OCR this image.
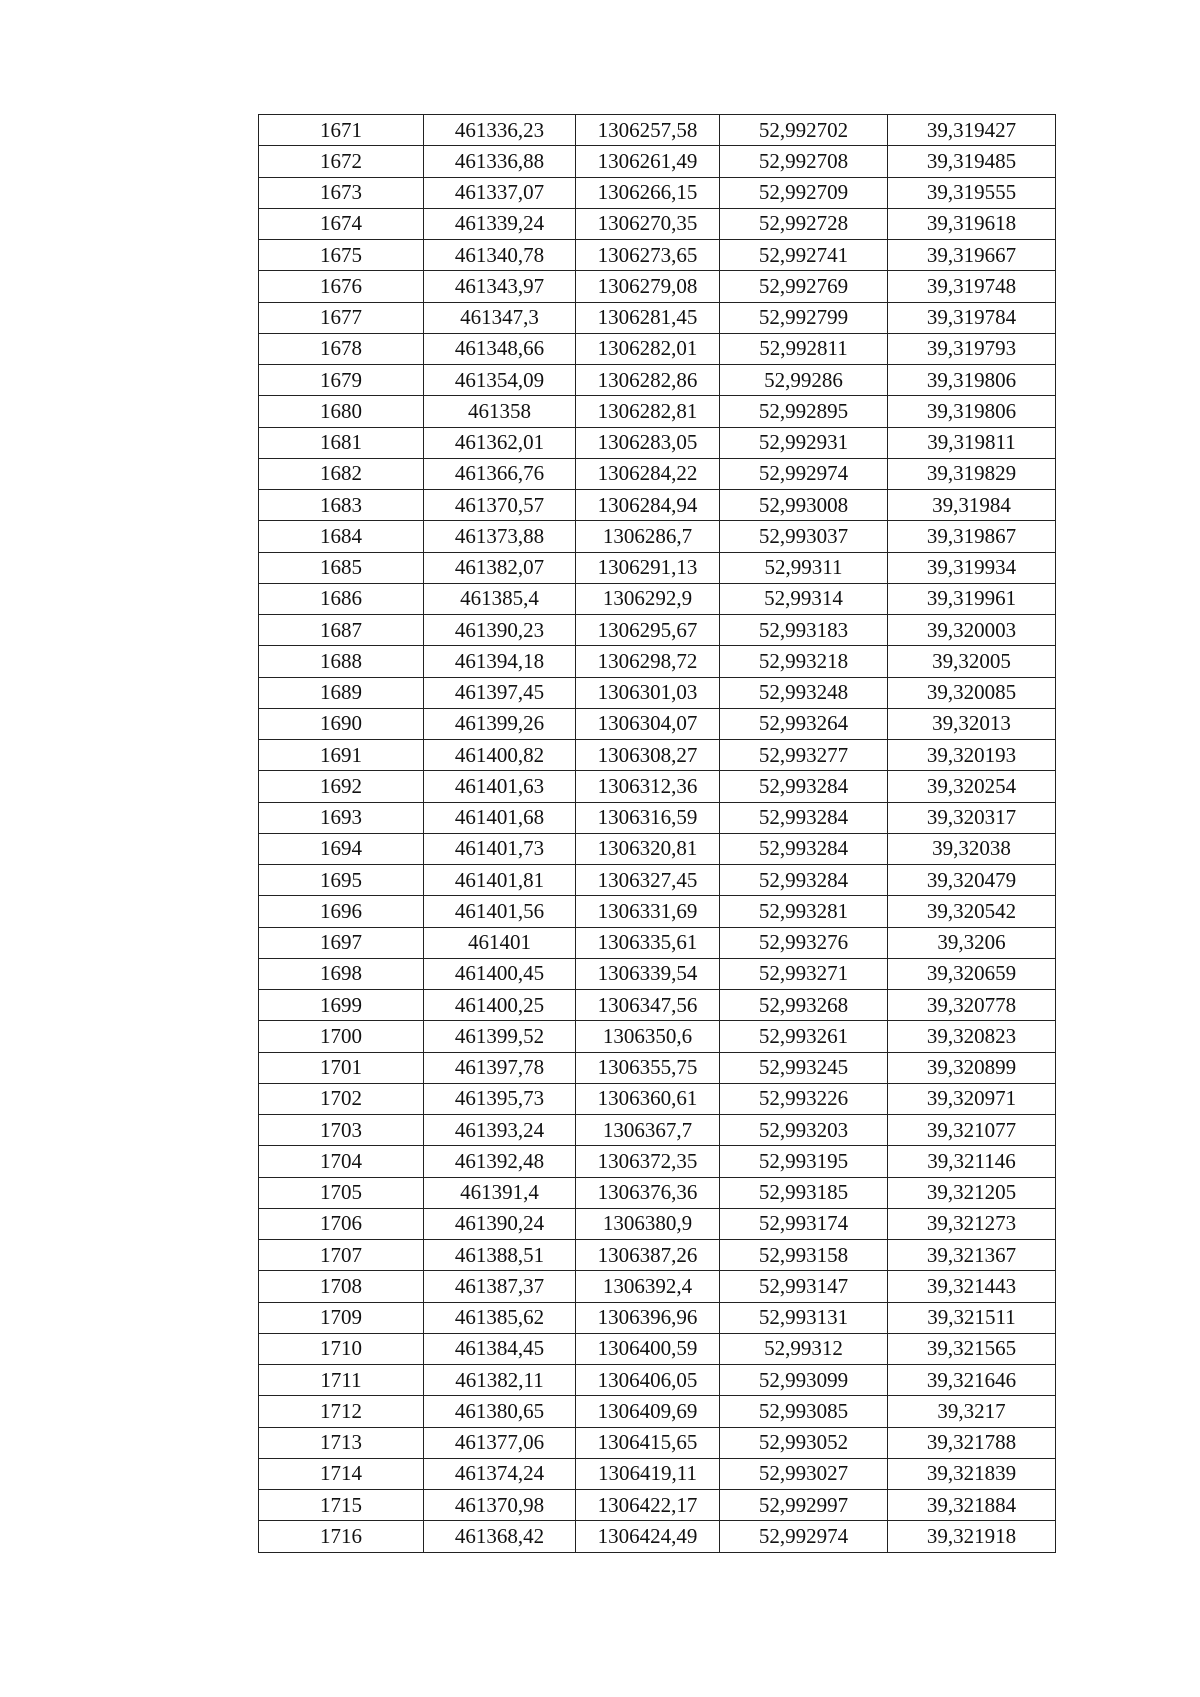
1671	461336,23	1306257,58	52,992702	39,319427
1672	461336,88	1306261,49	52,992708	39,319485
1673	461337,07	1306266,15	52,992709	39,319555
1674	461339,24	1306270,35	52,992728	39,319618
1675	461340,78	1306273,65	52,992741	39,319667
1676	461343,97	1306279,08	52,992769	39,319748
1677	461347,3	1306281,45	52,992799	39,319784
1678	461348,66	1306282,01	52,992811	39,319793
1679	461354,09	1306282,86	52,99286	39,319806
1680	461358	1306282,81	52,992895	39,319806
1681	461362,01	1306283,05	52,992931	39,319811
1682	461366,76	1306284,22	52,992974	39,319829
1683	461370,57	1306284,94	52,993008	39,31984
1684	461373,88	1306286,7	52,993037	39,319867
1685	461382,07	1306291,13	52,99311	39,319934
1686	461385,4	1306292,9	52,99314	39,319961
1687	461390,23	1306295,67	52,993183	39,320003
1688	461394,18	1306298,72	52,993218	39,32005
1689	461397,45	1306301,03	52,993248	39,320085
1690	461399,26	1306304,07	52,993264	39,32013
1691	461400,82	1306308,27	52,993277	39,320193
1692	461401,63	1306312,36	52,993284	39,320254
1693	461401,68	1306316,59	52,993284	39,320317
1694	461401,73	1306320,81	52,993284	39,32038
1695	461401,81	1306327,45	52,993284	39,320479
1696	461401,56	1306331,69	52,993281	39,320542
1697	461401	1306335,61	52,993276	39,3206
1698	461400,45	1306339,54	52,993271	39,320659
1699	461400,25	1306347,56	52,993268	39,320778
1700	461399,52	1306350,6	52,993261	39,320823
1701	461397,78	1306355,75	52,993245	39,320899
1702	461395,73	1306360,61	52,993226	39,320971
1703	461393,24	1306367,7	52,993203	39,321077
1704	461392,48	1306372,35	52,993195	39,321146
1705	461391,4	1306376,36	52,993185	39,321205
1706	461390,24	1306380,9	52,993174	39,321273
1707	461388,51	1306387,26	52,993158	39,321367
1708	461387,37	1306392,4	52,993147	39,321443
1709	461385,62	1306396,96	52,993131	39,321511
1710	461384,45	1306400,59	52,99312	39,321565
1711	461382,11	1306406,05	52,993099	39,321646
1712	461380,65	1306409,69	52,993085	39,3217
1713	461377,06	1306415,65	52,993052	39,321788
1714	461374,24	1306419,11	52,993027	39,321839
1715	461370,98	1306422,17	52,992997	39,321884
1716	461368,42	1306424,49	52,992974	39,321918
